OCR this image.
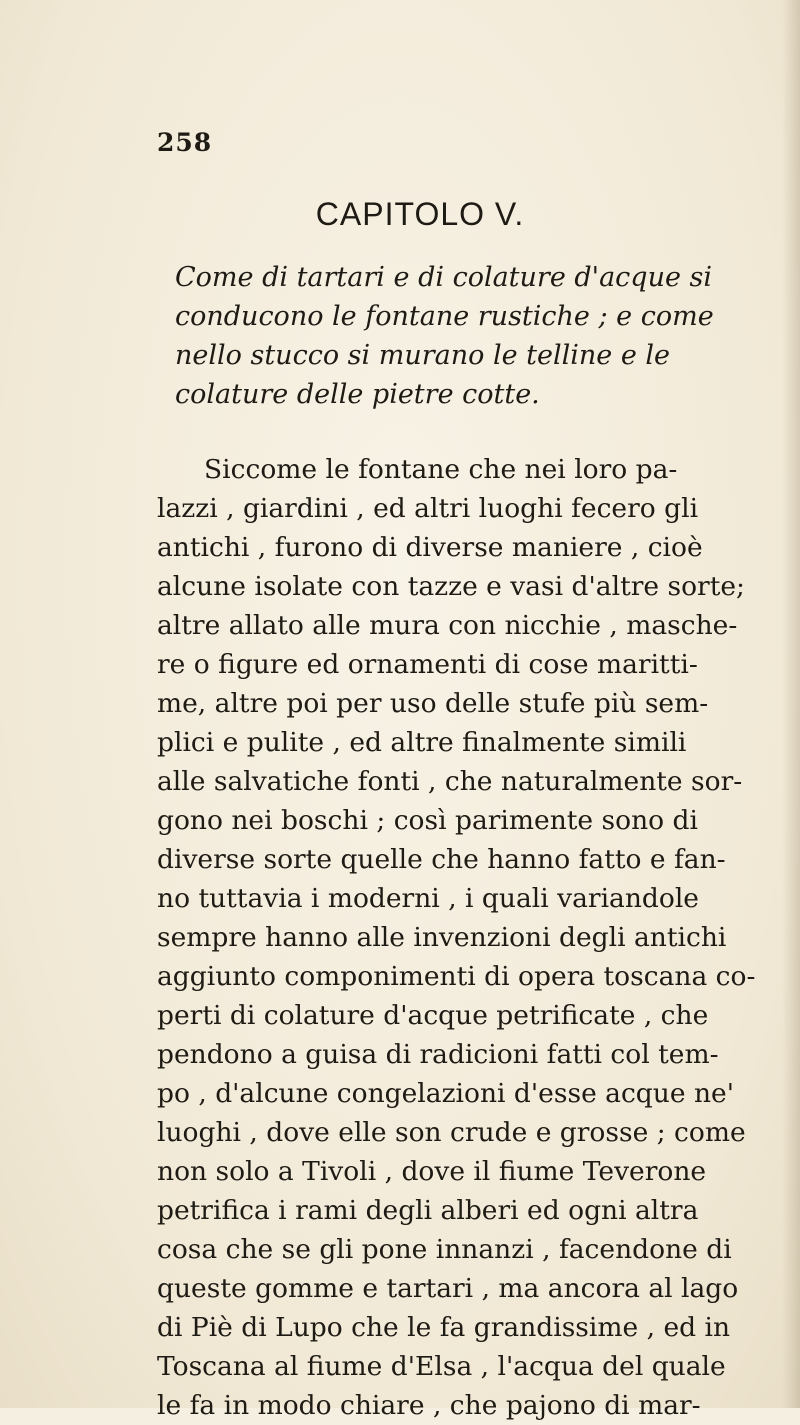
258
CAPITOLO V.
Come di tartari e di colature d'acque si
conducono le fontane rustiche ; e come
nello stucco si murano le telline e le
colature delle pietre cotte.
Siccome le fontane che nei loro pa-
lazzi , giardini , ed altri luoghi fecero gli
antichi , furono di diverse maniere , cioè
alcune isolate con tazze e vasi d'altre sorte;
altre allato alle mura con nicchie , masche-
re o figure ed ornamenti di cose maritti-
me, altre poi per uso delle stufe più sem-
plici e pulite , ed altre finalmente simili
alle salvatiche fonti , che naturalmente sor-
gono nei boschi ; così parimente sono di
diverse sorte quelle che hanno fatto e fan-
no tuttavia i moderni , i quali variandole
sempre hanno alle invenzioni degli antichi
aggiunto componimenti di opera toscana co-
perti di colature d'acque petrificate , che
pendono a guisa di radicioni fatti col tem-
po , d'alcune congelazioni d'esse acque ne'
luoghi , dove elle son crude e grosse ; come
non solo a Tivoli , dove il fiume Teverone
petrifica i rami degli alberi ed ogni altra
cosa che se gli pone innanzi , facendone di
queste gomme e tartari , ma ancora al lago
di Piè di Lupo che le fa grandissime , ed in
Toscana al fiume d'Elsa , l'acqua del quale
le fa in modo chiare , che pajono di mar-
